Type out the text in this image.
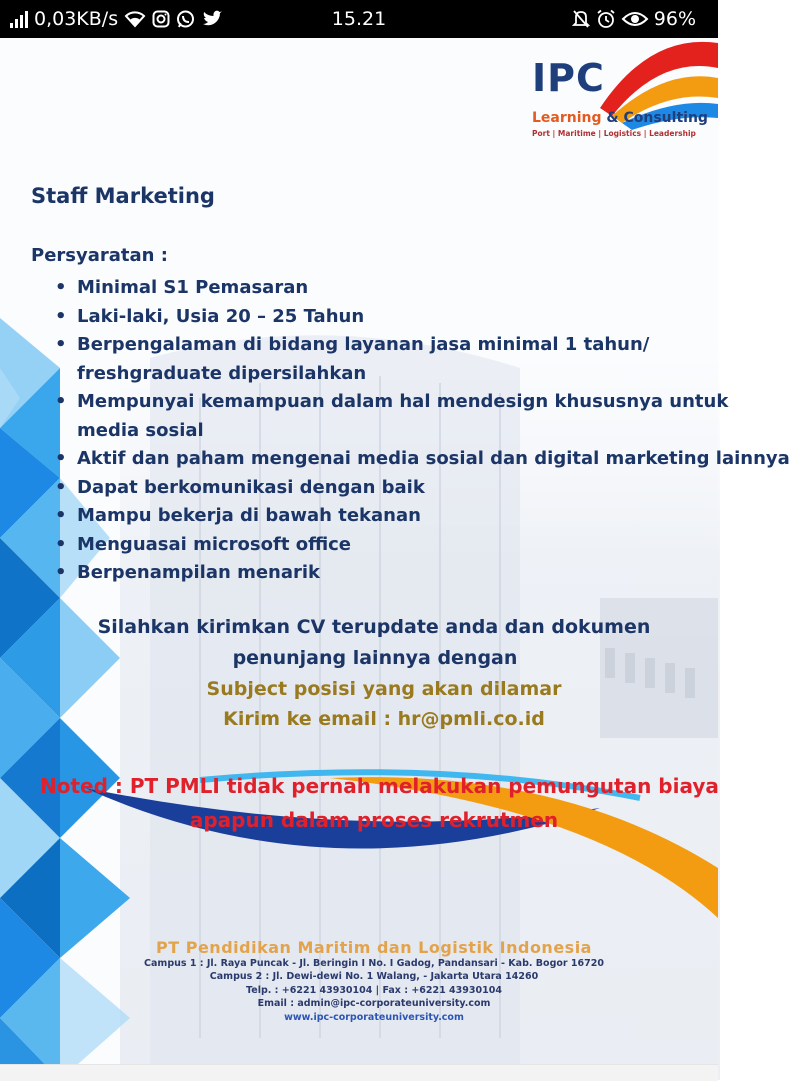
0,03KB/s	15.21	96%
IPC
Learning & Consulting
Port | Maritime | Logistics | Leadership
Staff Marketing
Persyaratan :
• Minimal S1 Pemasaran
• Laki-laki, Usia 20 – 25 Tahun
• Berpengalaman di bidang layanan jasa minimal 1 tahun/
freshgraduate dipersilahkan
• Mempunyai kemampuan dalam hal mendesign khususnya untuk
media sosial
• Aktif dan paham mengenai media sosial dan digital marketing lainnya
• Dapat berkomunikasi dengan baik
• Mampu bekerja di bawah tekanan
• Menguasai microsoft office
• Berpenampilan menarik
Silahkan kirimkan CV terupdate anda dan dokumen
penunjang lainnya dengan
Subject posisi yang akan dilamar
Kirim ke email : hr@pmli.co.id
Noted : PT PMLI tidak pernah melakukan pemungutan biaya
apapun dalam proses rekrutmen
PT Pendidikan Maritim dan Logistik Indonesia
Campus 1 : Jl. Raya Puncak - Jl. Beringin I No. I Gadog, Pandansari - Kab. Bogor 16720
Campus 2 : Jl. Dewi-dewi No. 1 Walang, - Jakarta Utara 14260
Telp. : +6221 43930104 | Fax : +6221 43930104
Email : admin@ipc-corporateuniversity.com
www.ipc-corporateuniversity.com
